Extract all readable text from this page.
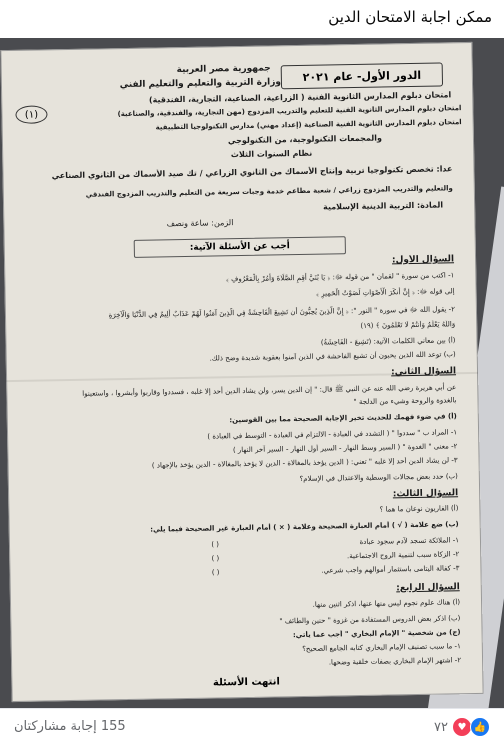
ممكن اجابة الامتحان الدين
الدور الأول- عام ٢٠٢١
(١)
جمهورية مصر العربية
وزارة التربية والتعليم والتعليم الفني
امتحان دبلوم المدارس الثانوية الفنية ( الزراعية، الصناعية، التجارية، الفندقية)
امتحان دبلوم المدارس الثانوية الفنية للتعليم والتدريب المزدوج (مهن التجارية، والفندقية، والصناعية)
امتحان دبلوم المدارس الثانوية الفنية الصناعية (إعداد مهني) مدارس التكنولوجيا التطبيقية
والمجمعات التكنولوجية، من التكنولوجي
نظام السنوات الثلاث
عدا: تخصص تكنولوجيا تربية وإنتاج الأسماك من الثانوي الزراعي / تك صيد الأسماك من الثانوي الصناعي
والتعليم والتدريب المزدوج زراعي / شعبة مطاعم خدمة وجبات سريعة من التعليم والتدريب المزدوج الفندقي
المادة: التربية الدينية الإسلامية
الزمن: ساعة ونصف
أجب عن الأسئلة الآتية:
السؤال الأول:
١- اكتب من سورة " لقمان " من قوله ﷻ: ﴿ يَا بُنَيَّ أَقِمِ الصَّلَاةَ وَأْمُرْ بِالْمَعْرُوفِ ﴾
إلى قوله ﷻ: ﴿ إِنَّ أَنكَرَ الْأَصْوَاتِ لَصَوْتُ الْحَمِيرِ ﴾
٢- يقول الله ﷻ في سورة " النور ": ﴿ إِنَّ الَّذِينَ يُحِبُّونَ أَن تَشِيعَ الْفَاحِشَةُ فِي الَّذِينَ آمَنُوا لَهُمْ عَذَابٌ أَلِيمٌ فِي الدُّنْيَا وَالْآخِرَةِ
وَاللَّهُ يَعْلَمُ وَأَنتُمْ لَا تَعْلَمُونَ ﴾ (١٩)
(أ) بين معاني الكلمات الآتية: (تَشِيعَ - الْفَاحِشَةُ)
(ب) توعد الله الذين يحبون أن تشيع الفاحشة في الذين آمنوا بعقوبة شديدة وضح ذلك.
السؤال الثاني:
عن أبي هريرة رضي الله عنه عن النبي ﷺ قال: " إن الدين يسر، ولن يشاد الدين أحد إلا غلبه ، فسددوا وقاربوا وأبشروا ، واستعينوا
بالغدوة والروحة وشيء من الدلجة "
(أ) في ضوء فهمك للحديث تخير الإجابة الصحيحة مما بين القوسين:
١- المراد ب " سددوا " ( التشدد في العبادة - الالتزام في العبادة - التوسط في العبادة )
٢- معنى " الغدوة " ( السير وسط النهار - السير أول النهار - السير آخر النهار )
٣- لن يشاد الدين أحد إلا غلبه " تعني: ( الدين يؤخذ بالمغالاة - الدين لا يؤخذ بالمغالاة - الدين يؤخذ بالإجهاد )
(ب) حدد بعض مجالات الوسطية والاعتدال في الإسلام؟
السؤال الثالث:
(أ) الفاريون نوعان ما هما ؟
(ب) ضع علامة ( √ ) أمام العبارة الصحيحة وعلامة ( × ) أمام العبارة غير الصحيحة فيما يلي:
١- الملائكة تسجد لآدم سجود عبادة
( )
٢- الزكاة سبب لتنمية الروح الاجتماعية.
( )
٣- كفالة اليتامى باستثمار أموالهم واجب شرعي.
( )
السؤال الرابع:
(أ) هناك علوم نجوم ليس منها عنها، اذكر اثنين منها.
(ب) اذكر بعض الدروس المستفادة من غزوة " حنين والطائف "
(ج) من شخصية " الإمام البخاري " أجب عما يأتي:
١- ما سبب تصنيف الإمام البخاري كتابه الجامع الصحيح؟
٢- اشتهر الإمام البخاري بصفات خلقية وضحها.
انتهت الأسئلة
155 إجابة مشاركتان	٧٢ ♥ 👍
